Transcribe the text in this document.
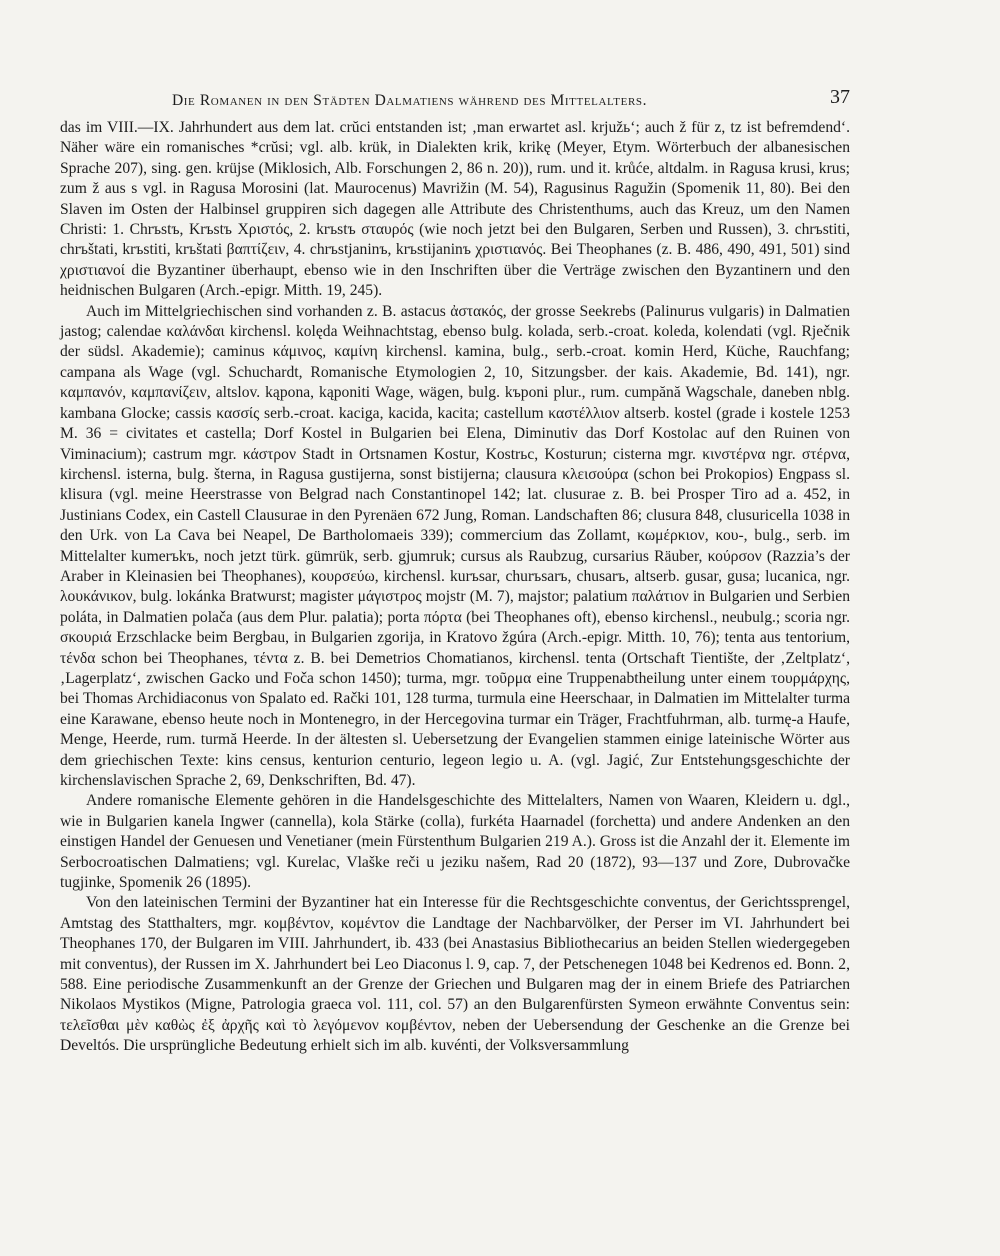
Die Romanen in den Städten Dalmatiens während des Mittelalters.	37

das im VIII.—IX. Jahrhundert aus dem lat. crŭci entstanden ist; ‚man erwartet asl. krjužь‘; auch ž für z, tz ist befremdend‘. Näher wäre ein romanisches *crŭsi; vgl. alb. krük, in Dialekten krik, krikę (Meyer, Etym. Wörterbuch der albanesischen Sprache 207), sing. gen. krüjse (Miklosich, Alb. Forschungen 2, 86 n. 20)), rum. und it. krůće, altdalm. in Ragusa krusi, krus; zum ž aus s vgl. in Ragusa Morosini (lat. Maurocenus) Mavrižin (M. 54), Ragusinus Ragužin (Spomenik 11, 80). Bei den Slaven im Osten der Halbinsel gruppiren sich dagegen alle Attribute des Christenthums, auch das Kreuz, um den Namen Christi: 1. Chrъstъ, Krъstъ Χριστός, 2. krъstъ σταυρός (wie noch jetzt bei den Bulgaren, Serben und Russen), 3. chrъstiti, chrъštati, krъstiti, krъštati βαπτίζειν, 4. chrъstjaninъ, krъstijaninъ χριστιανός. Bei Theophanes (z. B. 486, 490, 491, 501) sind χριστιανοί die Byzantiner überhaupt, ebenso wie in den Inschriften über die Verträge zwischen den Byzantinern und den heidnischen Bulgaren (Arch.-epigr. Mitth. 19, 245).

Auch im Mittelgriechischen sind vorhanden z. B. astacus ἀστακός, der grosse Seekrebs (Palinurus vulgaris) in Dalmatien jastog; calendae καλάνδαι kirchensl. kolęda Weihnachtstag, ebenso bulg. kolada, serb.-croat. koleda, kolendati (vgl. Rječnik der südsl. Akademie); caminus κάμινος, καμίνη kirchensl. kamina, bulg., serb.-croat. komin Herd, Küche, Rauchfang; campana als Wage (vgl. Schuchardt, Romanische Etymologien 2, 10, Sitzungsber. der kais. Akademie, Bd. 141), ngr. καμπανόν, καμπανίζειν, altslov. kąpona, kąponiti Wage, wägen, bulg. kъponi plur., rum. cumpănă Wagschale, daneben nblg. kambana Glocke; cassis κασσίς serb.-croat. kaciga, kacida, kacita; castellum καστέλλιον altserb. kostel (grade i kostele 1253 M. 36 = civitates et castella; Dorf Kostel in Bulgarien bei Elena, Diminutiv das Dorf Kostolac auf den Ruinen von Viminacium); castrum mgr. κάστρον Stadt in Ortsnamen Kostur, Kostrьc, Kosturun; cisterna mgr. κινστέρνα ngr. στέρνα, kirchensl. isterna, bulg. šterna, in Ragusa gustijerna, sonst bistijerna; clausura κλεισούρα (schon bei Prokopios) Engpass sl. klisura (vgl. meine Heerstrasse von Belgrad nach Constantinopel 142; lat. clusurae z. B. bei Prosper Tiro ad a. 452, in Justinians Codex, ein Castell Clausurae in den Pyrenäen 672 Jung, Roman. Landschaften 86; clusura 848, clusuricella 1038 in den Urk. von La Cava bei Neapel, De Bartholomaeis 339); commercium das Zollamt, κωμέρκιον, κου-, bulg., serb. im Mittelalter kumerъkъ, noch jetzt türk. gümrük, serb. gjumruk; cursus als Raubzug, cursarius Räuber, κούρσον (Razzia’s der Araber in Kleinasien bei Theophanes), κουρσεύω, kirchensl. kurъsar, churъsarъ, chusarъ, altserb. gusar, gusa; lucanica, ngr. λουκάνικον, bulg. lokánka Bratwurst; magister μάγιστρος mojstr (M. 7), majstor; palatium παλάτιον in Bulgarien und Serbien poláta, in Dalmatien polača (aus dem Plur. palatia); porta πόρτα (bei Theophanes oft), ebenso kirchensl., neubulg.; scoria ngr. σκουριά Erzschlacke beim Bergbau, in Bulgarien zgorija, in Kratovo žgúra (Arch.-epigr. Mitth. 10, 76); tenta aus tentorium, τένδα schon bei Theophanes, τέντα z. B. bei Demetrios Chomatianos, kirchensl. tenta (Ortschaft Tientište, der ‚Zeltplatz‘, ‚Lagerplatz‘, zwischen Gacko und Foča schon 1450); turma, mgr. τοῦρμα eine Truppenabtheilung unter einem τουρμάρχης, bei Thomas Archidiaconus von Spalato ed. Rački 101, 128 turma, turmula eine Heerschaar, in Dalmatien im Mittelalter turma eine Karawane, ebenso heute noch in Montenegro, in der Hercegovina turmar ein Träger, Frachtfuhrman, alb. turmę-a Haufe, Menge, Heerde, rum. turmă Heerde. In der ältesten sl. Uebersetzung der Evangelien stammen einige lateinische Wörter aus dem griechischen Texte: kins census, kenturion centurio, legeon legio u. A. (vgl. Jagić, Zur Entstehungsgeschichte der kirchenslavischen Sprache 2, 69, Denkschriften, Bd. 47).

Andere romanische Elemente gehören in die Handelsgeschichte des Mittelalters, Namen von Waaren, Kleidern u. dgl., wie in Bulgarien kanela Ingwer (cannella), kola Stärke (colla), furkéta Haarnadel (forchetta) und andere Andenken an den einstigen Handel der Genuesen und Venetianer (mein Fürstenthum Bulgarien 219 A.). Gross ist die Anzahl der it. Elemente im Serbocroatischen Dalmatiens; vgl. Kurelac, Vlaške reči u jeziku našem, Rad 20 (1872), 93—137 und Zore, Dubrovačke tugjinke, Spomenik 26 (1895).

Von den lateinischen Termini der Byzantiner hat ein Interesse für die Rechtsgeschichte conventus, der Gerichtssprengel, Amtstag des Statthalters, mgr. κομβέντον, κομέντον die Landtage der Nachbarvölker, der Perser im VI. Jahrhundert bei Theophanes 170, der Bulgaren im VIII. Jahrhundert, ib. 433 (bei Anastasius Bibliothecarius an beiden Stellen wiedergegeben mit conventus), der Russen im X. Jahrhundert bei Leo Diaconus l. 9, cap. 7, der Petschenegen 1048 bei Kedrenos ed. Bonn. 2, 588. Eine periodische Zusammenkunft an der Grenze der Griechen und Bulgaren mag der in einem Briefe des Patriarchen Nikolaos Mystikos (Migne, Patrologia graeca vol. 111, col. 57) an den Bulgarenfürsten Symeon erwähnte Conventus sein: τελεῖσθαι μὲν καθὼς ἐξ ἀρχῆς καὶ τὸ λεγόμενον κομβέντον, neben der Uebersendung der Geschenke an die Grenze bei Develtós. Die ursprüngliche Bedeutung erhielt sich im alb. kuvénti, der Volksversammlung
